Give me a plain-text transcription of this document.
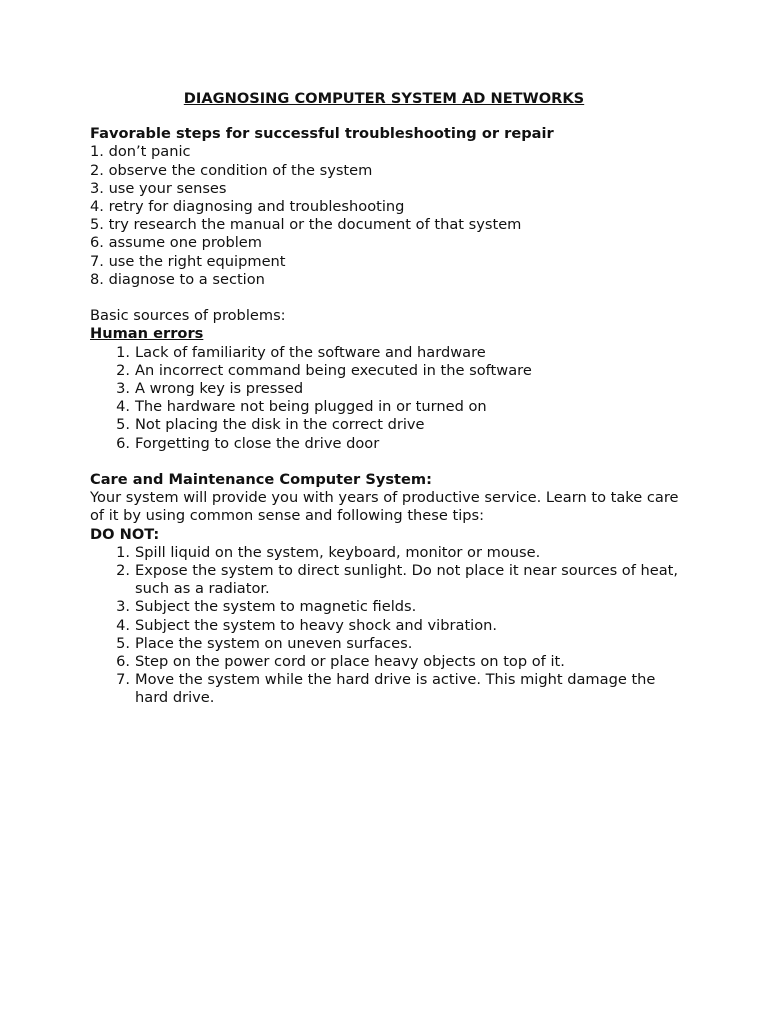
DIAGNOSING COMPUTER SYSTEM AD NETWORKS
Favorable steps for successful troubleshooting or repair
1. don’t panic
2. observe the condition of the system
3. use your senses
4. retry for diagnosing and troubleshooting
5. try research the manual or the document of that system
6. assume one problem
7. use the right equipment
8. diagnose to a section
Basic sources of problems:
Human errors
1 . Lack of familiarity of the software and hardware
2 . An incorrect command being executed in the software
3 . A wrong key is pressed
4 . The hardware not being plugged in or turned on
5 . Not placing the disk in the correct drive
6 . Forgetting to close the drive door
Care and Maintenance Computer System:
Your system will provide you with years of productive service. Learn to take care of it by using common sense and following these tips:
DO NOT:
1 . Spill liquid on the system, keyboard, monitor or mouse.
2 . Expose the system to direct sunlight. Do not place it near sources of heat, such as a radiator.
3 . Subject the system to magnetic fields.
4 . Subject the system to heavy shock and vibration.
5 . Place the system on uneven surfaces.
6 . Step on the power cord or place heavy objects on top of it.
7 . Move the system while the hard drive is active. This might damage the hard drive.
